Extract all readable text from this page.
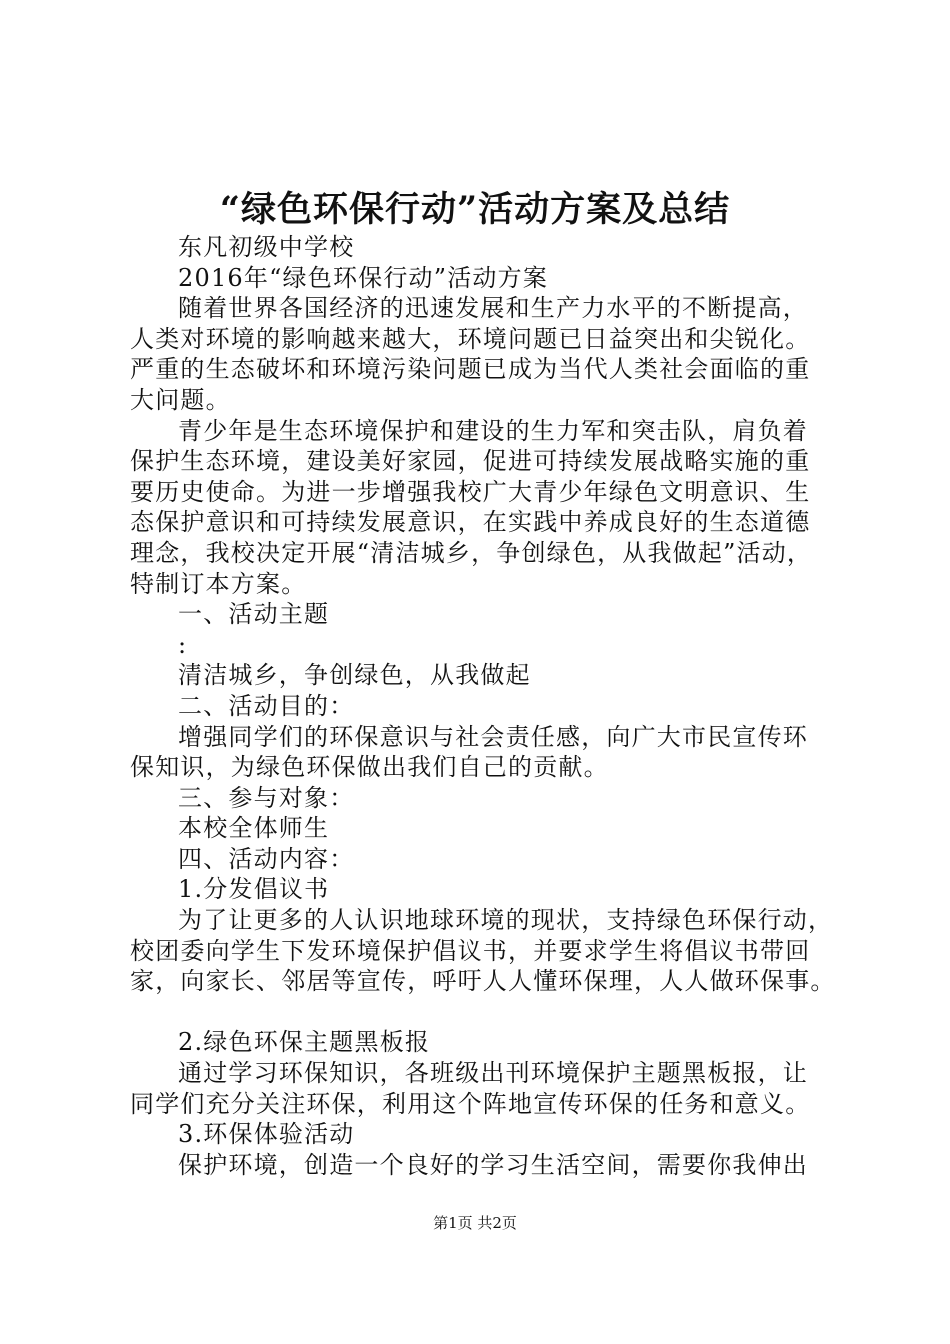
“绿色环保行动”活动方案及总结
东凡初级中学校
2016年“绿色环保行动”活动方案
随着世界各国经济的迅速发展和生产力水平的不断提高，
人类对环境的影响越来越大，环境问题已日益突出和尖锐化。
严重的生态破坏和环境污染问题已成为当代人类社会面临的重
大问题。
青少年是生态环境保护和建设的生力军和突击队，肩负着
保护生态环境，建设美好家园，促进可持续发展战略实施的重
要历史使命。为进一步增强我校广大青少年绿色文明意识、生
态保护意识和可持续发展意识，在实践中养成良好的生态道德
理念，我校决定开展“清洁城乡，争创绿色，从我做起”活动，
特制订本方案。
一、活动主题
:
清洁城乡，争创绿色，从我做起
二、活动目的：
增强同学们的环保意识与社会责任感，向广大市民宣传环
保知识，为绿色环保做出我们自己的贡献。
三、参与对象：
本校全体师生
四、活动内容：
1.分发倡议书
为了让更多的人认识地球环境的现状，支持绿色环保行动，
校团委向学生下发环境保护倡议书，并要求学生将倡议书带回
家，向家长、邻居等宣传，呼吁人人懂环保理，人人做环保事。
2.绿色环保主题黑板报
通过学习环保知识，各班级出刊环境保护主题黑板报，让
同学们充分关注环保，利用这个阵地宣传环保的任务和意义。
3.环保体验活动
保护环境，创造一个良好的学习生活空间，需要你我伸出
第1页 共2页
